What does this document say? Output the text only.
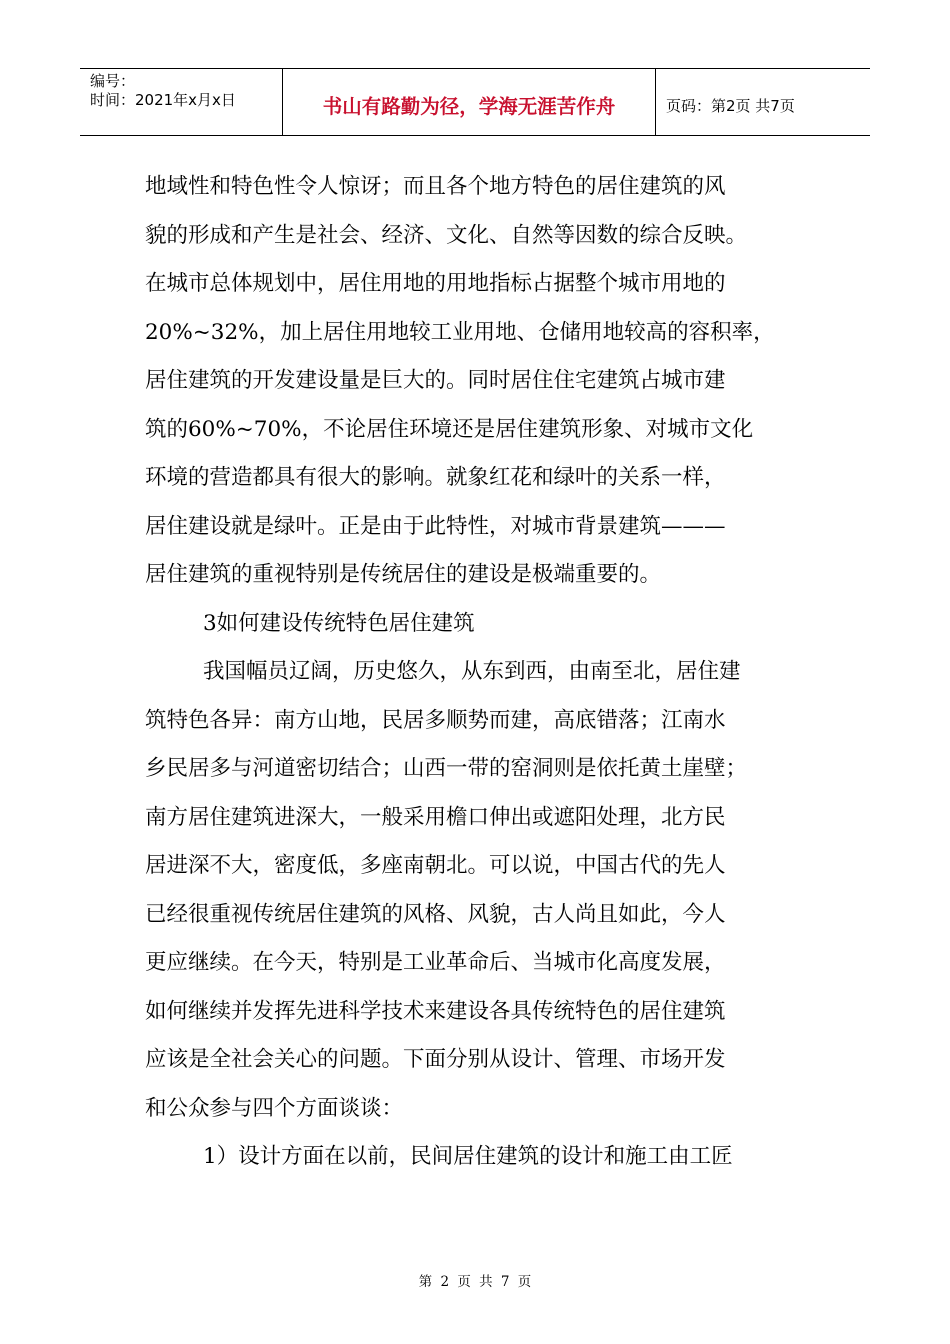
编号：
时间：2021年x月x日	书山有路勤为径，学海无涯苦作舟	页码：第2页 共7页
地域性和特色性令人惊讶；而且各个地方特色的居住建筑的风
貌的形成和产生是社会、经济、文化、自然等因数的综合反映。
在城市总体规划中，居住用地的用地指标占据整个城市用地的
20%~32%，加上居住用地较工业用地、仓储用地较高的容积率，
居住建筑的开发建设量是巨大的。同时居住住宅建筑占城市建
筑的60%~70%，不论居住环境还是居住建筑形象、对城市文化
环境的营造都具有很大的影响。就象红花和绿叶的关系一样，
居住建设就是绿叶。正是由于此特性，对城市背景建筑———
居住建筑的重视特别是传统居住的建设是极端重要的。
3如何建设传统特色居住建筑
我国幅员辽阔，历史悠久，从东到西，由南至北，居住建
筑特色各异：南方山地，民居多顺势而建，高底错落；江南水
乡民居多与河道密切结合；山西一带的窑洞则是依托黄土崖壁；
南方居住建筑进深大，一般采用檐口伸出或遮阳处理，北方民
居进深不大，密度低，多座南朝北。可以说，中国古代的先人
已经很重视传统居住建筑的风格、风貌，古人尚且如此，今人
更应继续。在今天，特别是工业革命后、当城市化高度发展，
如何继续并发挥先进科学技术来建设各具传统特色的居住建筑
应该是全社会关心的问题。下面分别从设计、管理、市场开发
和公众参与四个方面谈谈：
1）设计方面在以前，民间居住建筑的设计和施工由工匠
第 2 页 共 7 页
